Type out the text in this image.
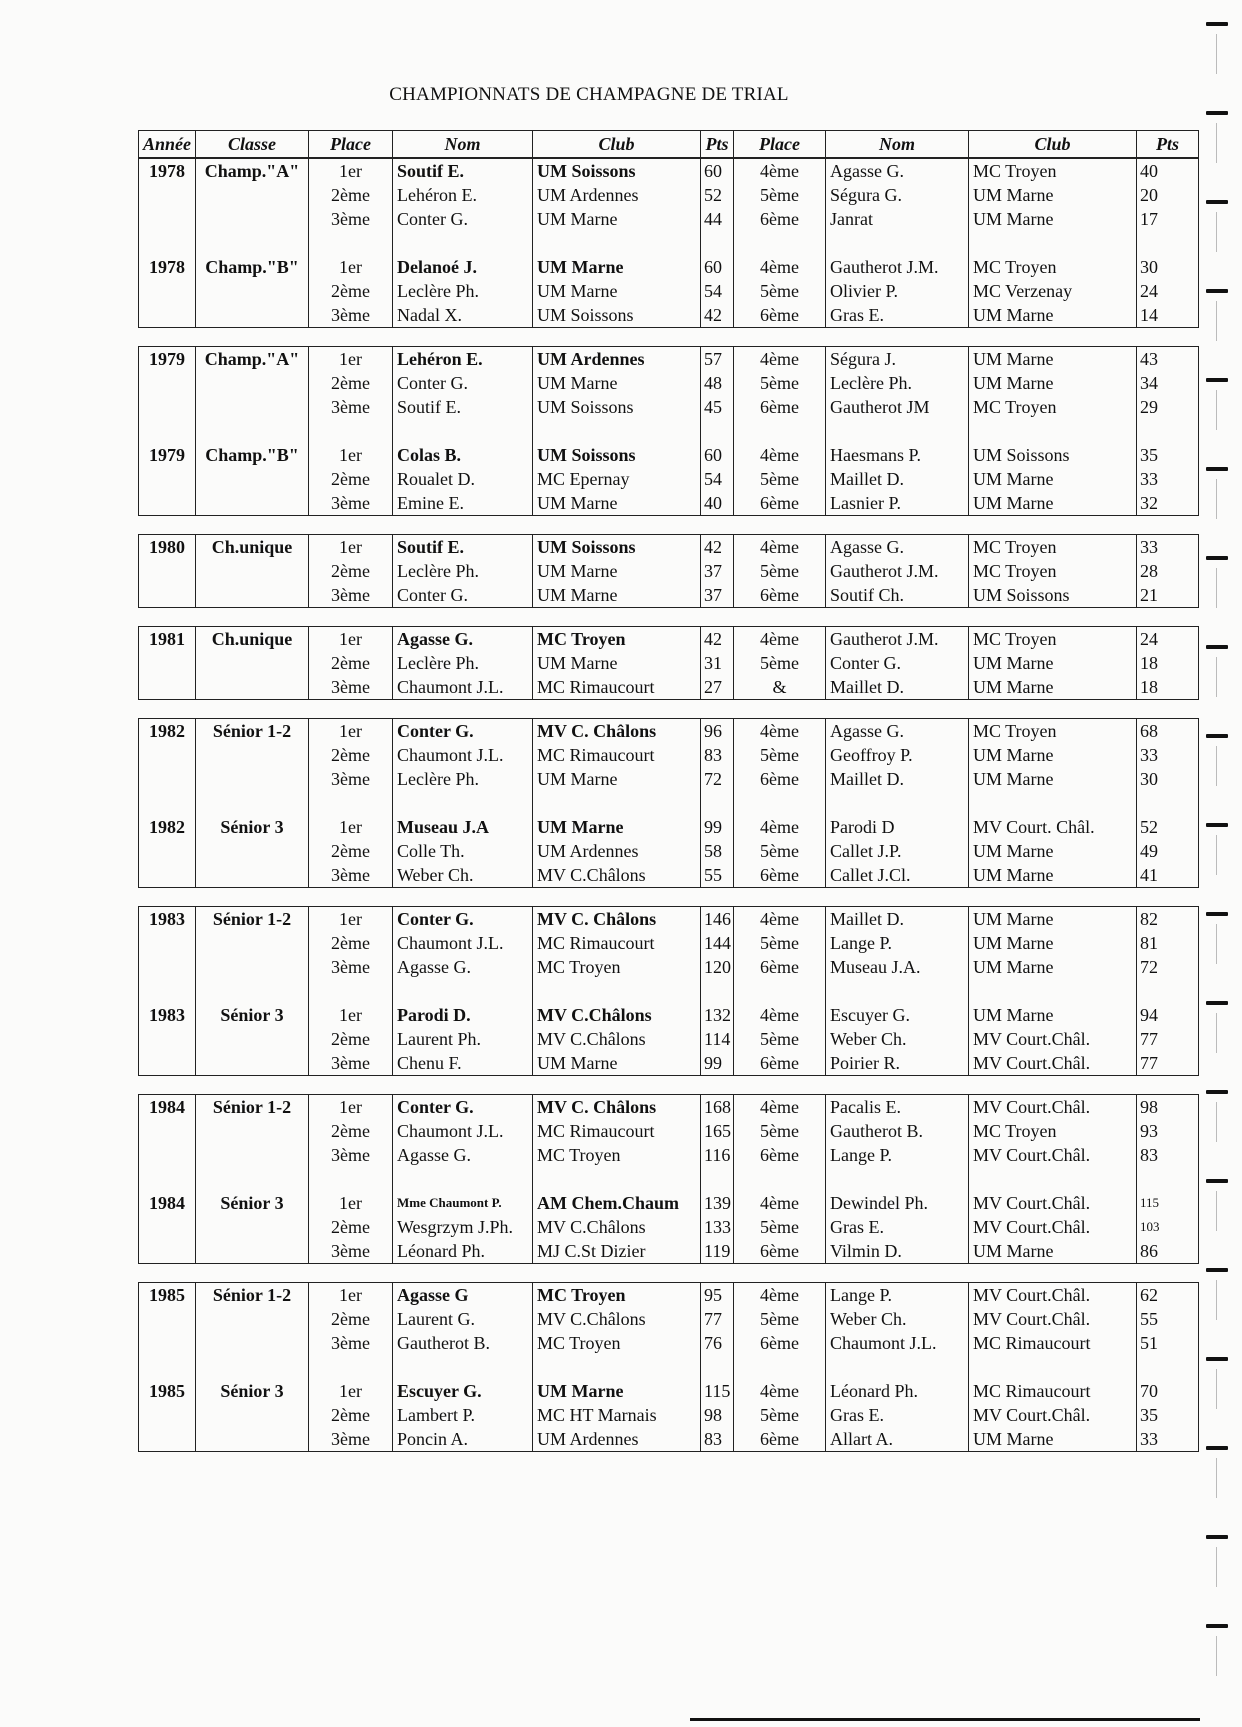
CHAMPIONNATS DE CHAMPAGNE DE TRIAL
Année	Classe	Place	Nom	Club	Pts	Place	Nom	Club	Pts
1978	Champ."A"	1er	Soutif E.	UM Soissons	60	4ème	Agasse G.	MC Troyen	40
		2ème	Lehéron E.	UM Ardennes	52	5ème	Ségura G.	UM Marne	20
		3ème	Conter G.	UM Marne	44	6ème	Janrat	UM Marne	17

1978	Champ."B"	1er	Delanoé J.	UM Marne	60	4ème	Gautherot J.M.	MC Troyen	30
		2ème	Leclère Ph.	UM Marne	54	5ème	Olivier P.	MC Verzenay	24
		3ème	Nadal X.	UM Soissons	42	6ème	Gras E.	UM Marne	14
1979	Champ."A"	1er	Lehéron E.	UM Ardennes	57	4ème	Ségura J.	UM Marne	43
		2ème	Conter G.	UM Marne	48	5ème	Leclère Ph.	UM Marne	34
		3ème	Soutif E.	UM Soissons	45	6ème	Gautherot JM	MC Troyen	29

1979	Champ."B"	1er	Colas B.	UM Soissons	60	4ème	Haesmans P.	UM Soissons	35
		2ème	Roualet D.	MC Epernay	54	5ème	Maillet D.	UM Marne	33
		3ème	Emine E.	UM Marne	40	6ème	Lasnier P.	UM Marne	32
1980	Ch.unique	1er	Soutif E.	UM Soissons	42	4ème	Agasse G.	MC Troyen	33
		2ème	Leclère Ph.	UM Marne	37	5ème	Gautherot J.M.	MC Troyen	28
		3ème	Conter G.	UM Marne	37	6ème	Soutif Ch.	UM Soissons	21
1981	Ch.unique	1er	Agasse G.	MC Troyen	42	4ème	Gautherot J.M.	MC Troyen	24
		2ème	Leclère Ph.	UM Marne	31	5ème	Conter G.	UM Marne	18
		3ème	Chaumont J.L.	MC Rimaucourt	27	&	Maillet D.	UM Marne	18
1982	Sénior 1-2	1er	Conter G.	MV C. Châlons	96	4ème	Agasse G.	MC Troyen	68
		2ème	Chaumont J.L.	MC Rimaucourt	83	5ème	Geoffroy P.	UM Marne	33
		3ème	Leclère Ph.	UM Marne	72	6ème	Maillet D.	UM Marne	30

1982	Sénior 3	1er	Museau J.A	UM Marne	99	4ème	Parodi D	MV Court. Châl.	52
		2ème	Colle Th.	UM Ardennes	58	5ème	Callet J.P.	UM Marne	49
		3ème	Weber Ch.	MV C.Châlons	55	6ème	Callet J.Cl.	UM Marne	41
1983	Sénior 1-2	1er	Conter G.	MV C. Châlons	146	4ème	Maillet D.	UM Marne	82
		2ème	Chaumont J.L.	MC Rimaucourt	144	5ème	Lange P.	UM Marne	81
		3ème	Agasse G.	MC Troyen	120	6ème	Museau J.A.	UM Marne	72

1983	Sénior 3	1er	Parodi D.	MV C.Châlons	132	4ème	Escuyer G.	UM Marne	94
		2ème	Laurent Ph.	MV C.Châlons	114	5ème	Weber Ch.	MV Court.Châl.	77
		3ème	Chenu F.	UM Marne	99	6ème	Poirier R.	MV Court.Châl.	77
1984	Sénior 1-2	1er	Conter G.	MV C. Châlons	168	4ème	Pacalis E.	MV Court.Châl.	98
		2ème	Chaumont J.L.	MC Rimaucourt	165	5ème	Gautherot B.	MC Troyen	93
		3ème	Agasse G.	MC Troyen	116	6ème	Lange P.	MV Court.Châl.	83

1984	Sénior 3	1er	Mme Chaumont P.	AM Chem.Chaum	139	4ème	Dewindel Ph.	MV Court.Châl.	115
		2ème	Wesgrzym J.Ph.	MV C.Châlons	133	5ème	Gras E.	MV Court.Châl.	103
		3ème	Léonard Ph.	MJ C.St Dizier	119	6ème	Vilmin D.	UM Marne	86
1985	Sénior 1-2	1er	Agasse G	MC Troyen	95	4ème	Lange P.	MV Court.Châl.	62
		2ème	Laurent G.	MV C.Châlons	77	5ème	Weber Ch.	MV Court.Châl.	55
		3ème	Gautherot B.	MC Troyen	76	6ème	Chaumont J.L.	MC Rimaucourt	51

1985	Sénior 3	1er	Escuyer G.	UM Marne	115	4ème	Léonard Ph.	MC Rimaucourt	70
		2ème	Lambert P.	MC HT Marnais	98	5ème	Gras E.	MV Court.Châl.	35
		3ème	Poncin A.	UM Ardennes	83	6ème	Allart A.	UM Marne	33
